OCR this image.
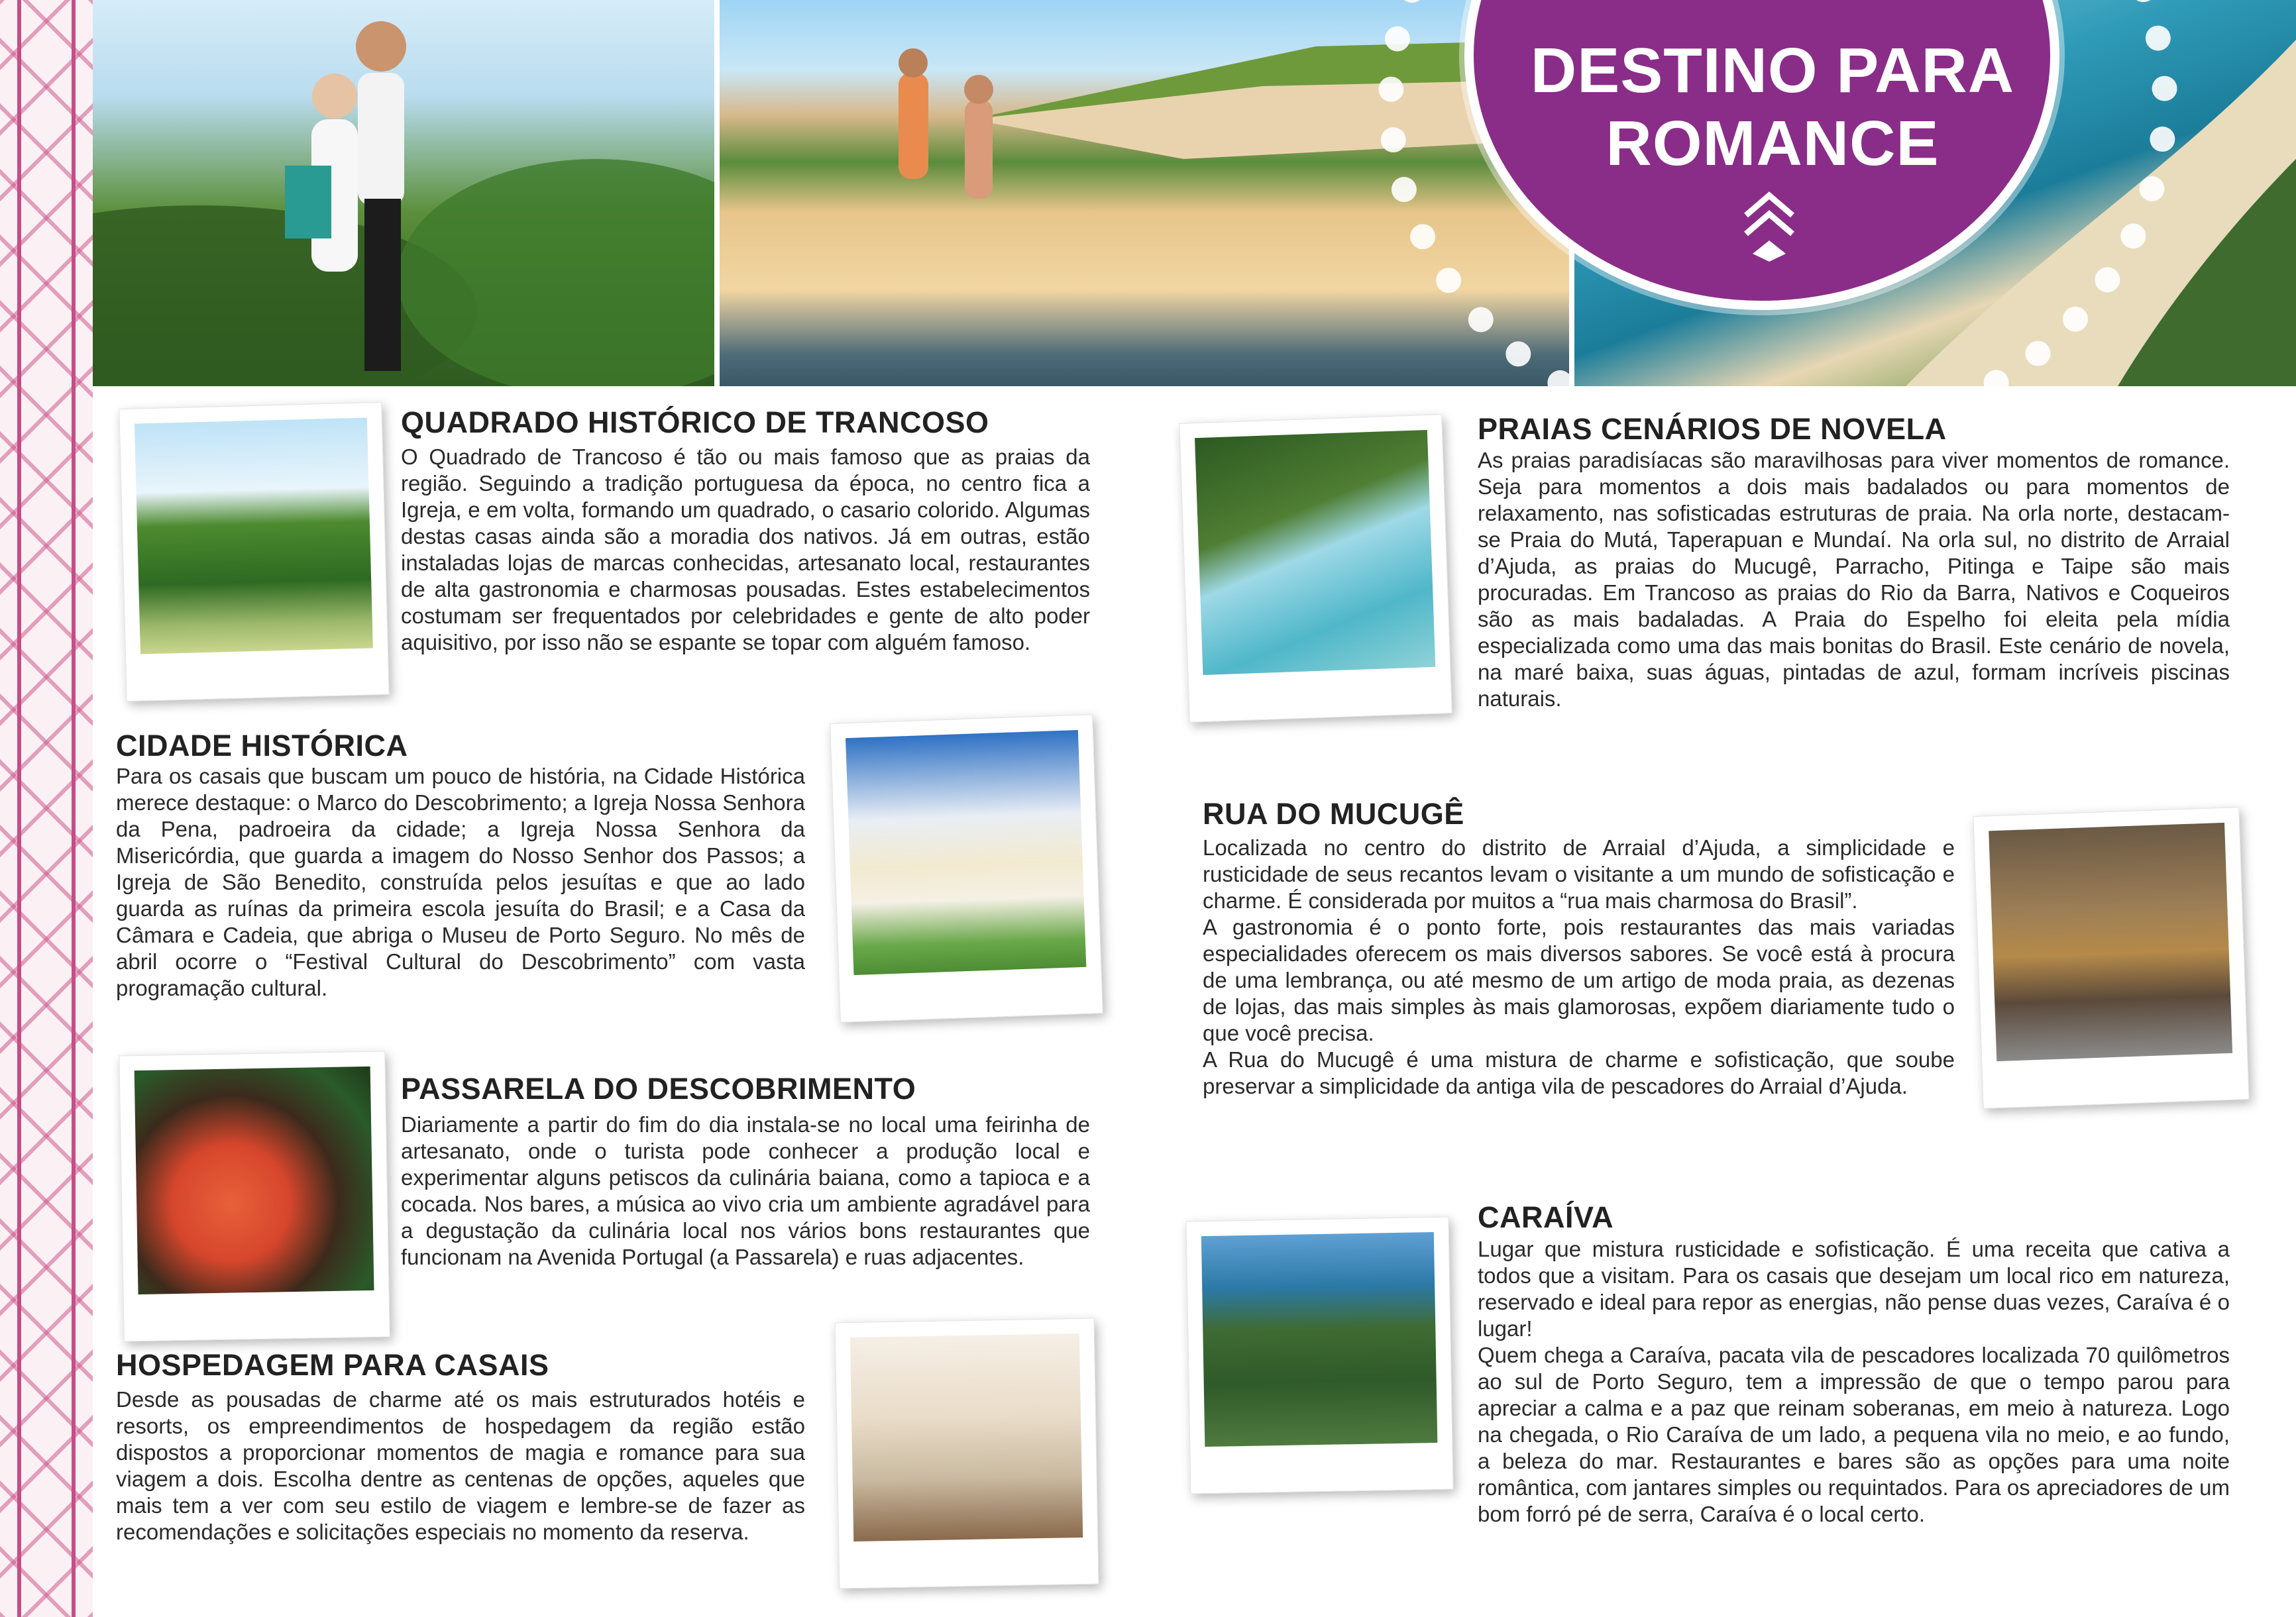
DESTINO PARA
ROMANCE
QUADRADO HISTÓRICO DE TRANCOSO

O Quadrado de Trancoso é tão ou mais famoso que as praias da região. Seguindo a tradição portuguesa da época, no centro fica a Igreja, e em volta, formando um quadrado, o casario colorido. Algumas destas casas ainda são a moradia dos nativos. Já em outras, estão instaladas lojas de marcas conhecidas, artesanato local, restaurantes de alta gastronomia e charmosas pousadas. Estes estabelecimentos costumam ser frequentados por celebridades e gente de alto poder aquisitivo, por isso não se espante se topar com alguém famoso.

CIDADE HISTÓRICA

Para os casais que buscam um pouco de história, na Cidade Histórica merece destaque: o Marco do Descobrimento; a Igreja Nossa Senhora da Pena, padroeira da cidade; a Igreja Nossa Senhora da Misericórdia, que guarda a imagem do Nosso Senhor dos Passos; a Igreja de São Benedito, construída pelos jesuítas e que ao lado guarda as ruínas da primeira escola jesuíta do Brasil; e a Casa da Câmara e Cadeia, que abriga o Museu de Porto Seguro. No mês de abril ocorre o “Festival Cultural do Descobrimento” com vasta programação cultural.

PASSARELA DO DESCOBRIMENTO

Diariamente a partir do fim do dia instala-se no local uma feirinha de artesanato, onde o turista pode conhecer a produção local e experimentar alguns petiscos da culinária baiana, como a tapioca e a cocada. Nos bares, a música ao vivo cria um ambiente agradável para a degustação da culinária local nos vários bons restaurantes que funcionam na Avenida Portugal (a Passarela) e ruas adjacentes.

HOSPEDAGEM PARA CASAIS

Desde as pousadas de charme até os mais estruturados hotéis e resorts, os empreendimentos de hospedagem da região estão dispostos a proporcionar momentos de magia e romance para sua viagem a dois. Escolha dentre as centenas de opções, aqueles que mais tem a ver com seu estilo de viagem e lembre-se de fazer as recomendações e solicitações especiais no momento da reserva.

PRAIAS CENÁRIOS DE NOVELA

As praias paradisíacas são maravilhosas para viver momentos de romance. Seja para momentos a dois mais badalados ou para momentos de relaxamento, nas sofisticadas estruturas de praia. Na orla norte, destacam-se Praia do Mutá, Taperapuan e Mundaí. Na orla sul, no distrito de Arraial d’Ajuda, as praias do Mucugê, Parracho, Pitinga e Taipe são mais procuradas. Em Trancoso as praias do Rio da Barra, Nativos e Coqueiros são as mais badaladas. A Praia do Espelho foi eleita pela mídia especializada como uma das mais bonitas do Brasil. Este cenário de novela, na maré baixa, suas águas, pintadas de azul, formam incríveis piscinas naturais.

RUA DO MUCUGÊ

Localizada no centro do distrito de Arraial d’Ajuda, a simplicidade e rusticidade de seus recantos levam o visitante a um mundo de sofisticação e charme. É considerada por muitos a “rua mais charmosa do Brasil”.

A gastronomia é o ponto forte, pois restaurantes das mais variadas especialidades oferecem os mais diversos sabores. Se você está à procura de uma lembrança, ou até mesmo de um artigo de moda praia, as dezenas de lojas, das mais simples às mais glamorosas, expõem diariamente tudo o que você precisa.

A Rua do Mucugê é uma mistura de charme e sofisticação, que soube preservar a simplicidade da antiga vila de pescadores do Arraial d’Ajuda.

CARAÍVA

Lugar que mistura rusticidade e sofisticação. É uma receita que cativa a todos que a visitam. Para os casais que desejam um local rico em natureza, reservado e ideal para repor as energias, não pense duas vezes, Caraíva é o lugar!

Quem chega a Caraíva, pacata vila de pescadores localizada 70 quilômetros ao sul de Porto Seguro, tem a impressão de que o tempo parou para apreciar a calma e a paz que reinam soberanas, em meio à natureza. Logo na chegada, o Rio Caraíva de um lado, a pequena vila no meio, e ao fundo, a beleza do mar. Restaurantes e bares são as opções para uma noite romântica, com jantares simples ou requintados. Para os apreciadores de um bom forró pé de serra, Caraíva é o local certo.
